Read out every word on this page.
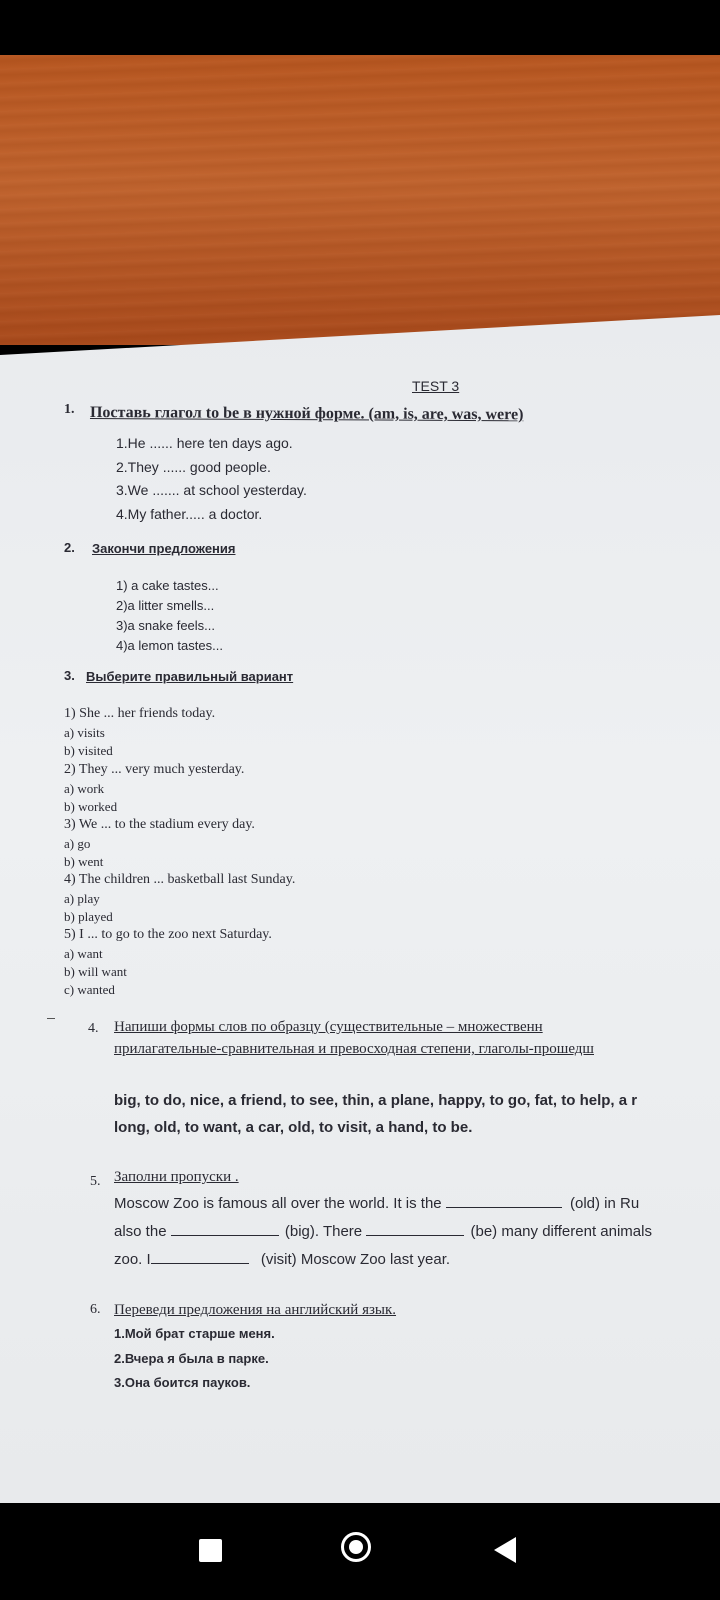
TEST 3
1. Поставь глагол to be в нужной форме. (am, is, are, was, were)
1.He ...... here ten days ago.
2.They ...... good people.
3.We ....... at school yesterday.
4.My father..... a doctor.
2. Закончи предложения
1) a cake tastes...
2)a litter smells...
3)a snake feels...
4)a lemon tastes...
3. Выберите правильный вариант
1) She ... her friends today.
a) visits
b) visited
2) They ... very much yesterday.
a) work
b) worked
3) We ... to the stadium every day.
a) go
b) went
4) The children ... basketball last Sunday.
a) play
b) played
5) I ... to go to the zoo next Saturday.
a) want
b) will want
c) wanted
4. Напиши формы слов по образцу (существительные – множественн
прилагательные-сравнительная и превосходная степени, глаголы-прошедш
big, to do, nice, a friend, to see, thin, a plane, happy, to go, fat, to help, a r
long, old, to want, a car, old, to visit, a hand, to be.
5. Заполни пропуски .
Moscow Zoo is famous all over the world. It is the	(old) in Ru
also the	(big). There	(be) many different animals
zoo. I	(visit) Moscow Zoo last year.
6. Переведи предложения на английский язык.
1.Мой брат старше меня.
2.Вчера я была в парке.
3.Она боится пауков.
